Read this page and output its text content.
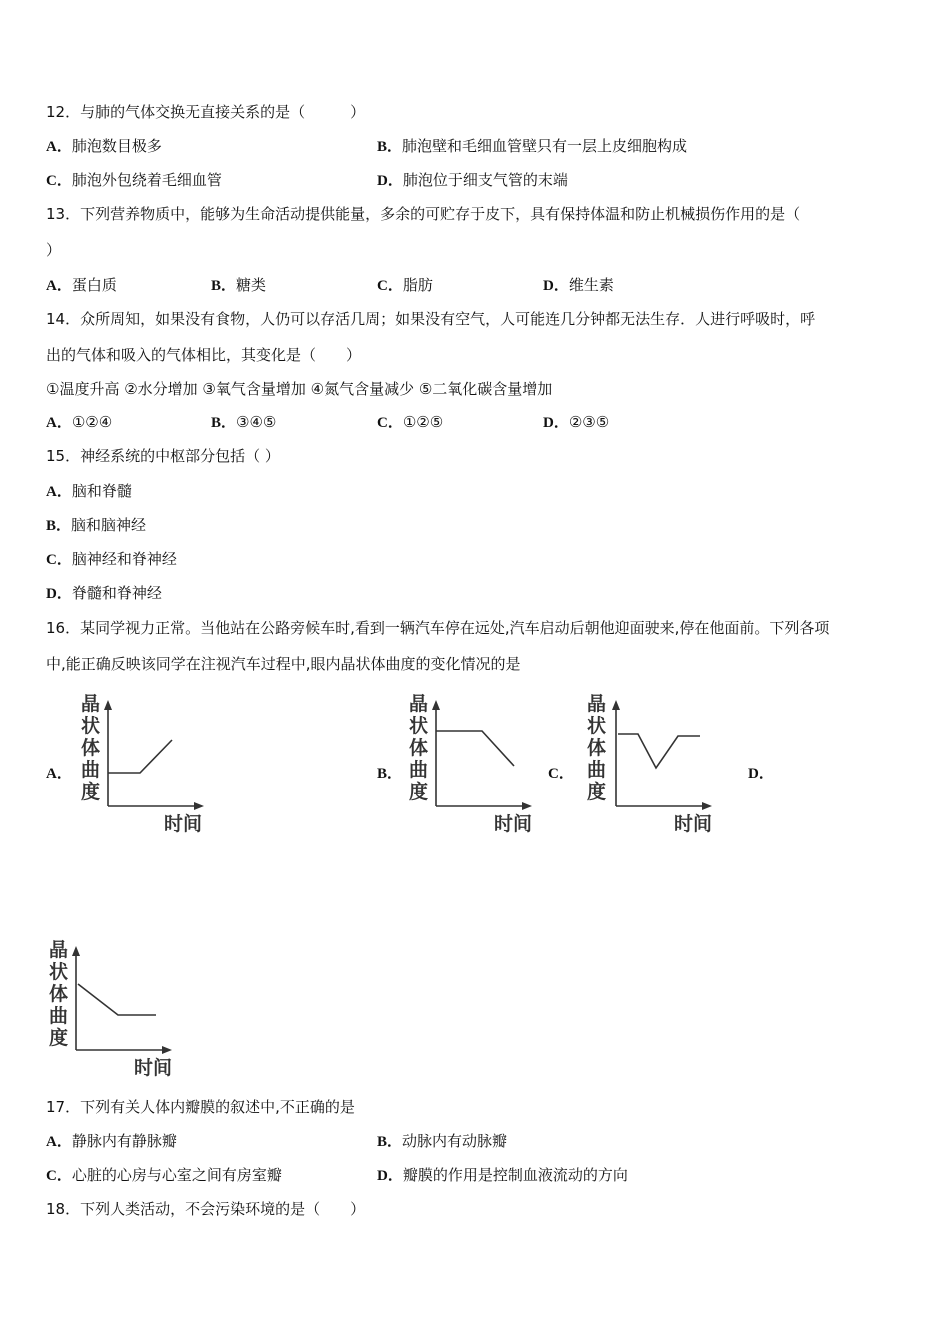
12．与肺的气体交换无直接关系的是（　　　）
A．肺泡数目极多	B．肺泡壁和毛细血管壁只有一层上皮细胞构成
C．肺泡外包绕着毛细血管	D．肺泡位于细支气管的末端
13．下列营养物质中，能够为生命活动提供能量，多余的可贮存于皮下，具有保持体温和防止机械损伤作用的是（
）
A．蛋白质	B．糖类	C．脂肪	D．维生素
14．众所周知，如果没有食物，人仍可以存活几周；如果没有空气，人可能连几分钟都无法生存．人进行呼吸时，呼
出的气体和吸入的气体相比，其变化是（　　）
①温度升高 ②水分增加 ③氧气含量增加 ④氮气含量减少 ⑤二氧化碳含量增加
A．①②④	B．③④⑤	C．①②⑤	D．②③⑤
15．神经系统的中枢部分包括（ ）
A．脑和脊髓
B．脑和脑神经
C．脑神经和脊神经
D．脊髓和脊神经
16．某同学视力正常。当他站在公路旁候车时,看到一辆汽车停在远处,汽车启动后朝他迎面驶来,停在他面前。下列各项
中,能正确反映该同学在注视汽车过程中,眼内晶状体曲度的变化情况的是
A．
晶
状
体
曲
度
时间
B．
晶
状
体
曲
度
时间
C．
晶
状
体
曲
度
时间
D．
晶
状
体
曲
度
时间
17．下列有关人体内瓣膜的叙述中,不正确的是
A．静脉内有静脉瓣	B．动脉内有动脉瓣
C．心脏的心房与心室之间有房室瓣	D．瓣膜的作用是控制血液流动的方向
18．下列人类活动，不会污染环境的是（　　）
